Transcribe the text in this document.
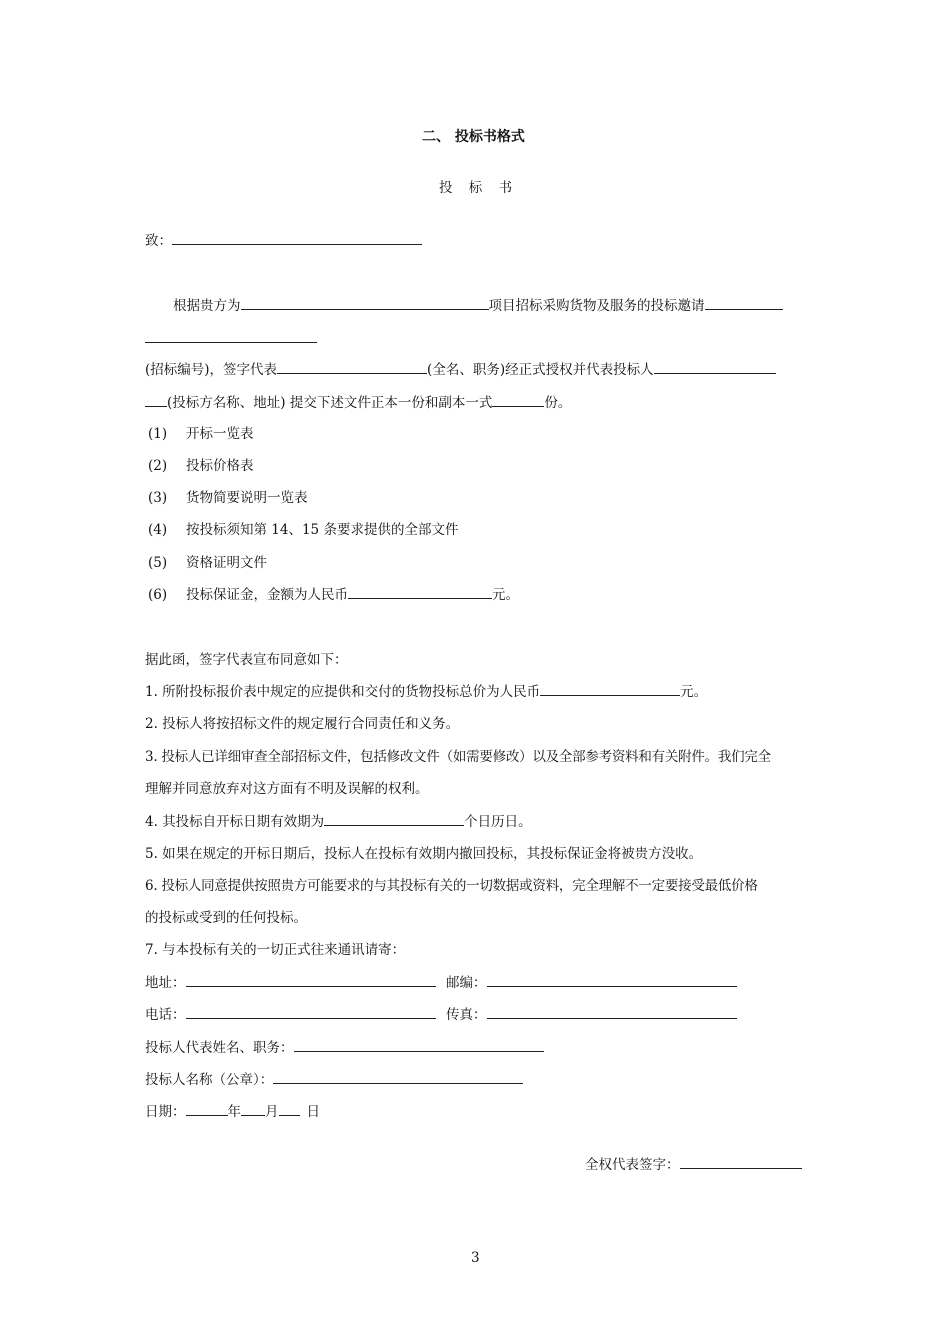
二、 投标书格式
投 标 书
致：
根据贵方为	项目招标采购货物及服务的投标邀请
(招标编号)，签字代表	(全名、职务)经正式授权并代表投标人
(投标方名称、地址) 提交下述文件正本一份和副本一式	份。
(1) 开标一览表
(2) 投标价格表
(3) 货物简要说明一览表
(4) 按投标须知第 14、15 条要求提供的全部文件
(5) 资格证明文件
(6) 投标保证金，金额为人民币	元。
据此函，签字代表宣布同意如下：
1. 所附投标报价表中规定的应提供和交付的货物投标总价为人民币	元。
2. 投标人将按招标文件的规定履行合同责任和义务。
3. 投标人已详细审查全部招标文件，包括修改文件（如需要修改）以及全部参考资料和有关附件。我们完全
理解并同意放弃对这方面有不明及误解的权利。
4. 其投标自开标日期有效期为	个日历日。
5. 如果在规定的开标日期后，投标人在投标有效期内撤回投标，其投标保证金将被贵方没收。
6. 投标人同意提供按照贵方可能要求的与其投标有关的一切数据或资料，完全理解不一定要接受最低价格
的投标或受到的任何投标。
7. 与本投标有关的一切正式往来通讯请寄：
地址：	邮编：
电话：	传真：
投标人代表姓名、职务：
投标人名称（公章）：
日期：	年 月 日
全权代表签字：
3
